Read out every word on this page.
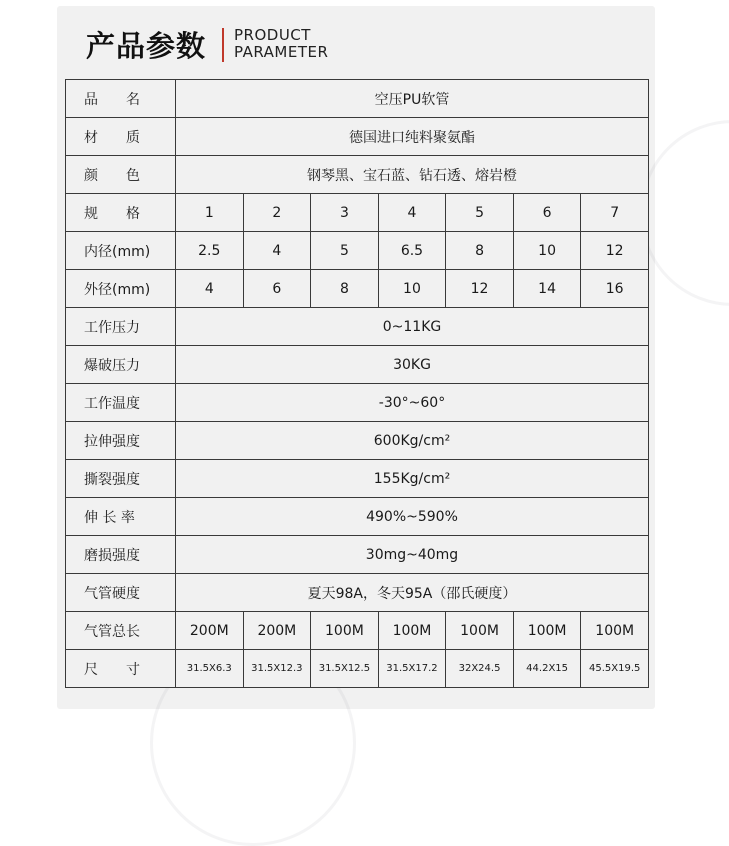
产品参数 PRODUCT
PARAMETER
品　　名	空压PU软管						
材　　质	德国进口纯料聚氨酯						
颜　　色	钢琴黑、宝石蓝、钻石透、熔岩橙						
规　　格	1	2	3	4	5	6	7
内径(mm)	2.5	4	5	6.5	8	10	12
外径(mm)	4	6	8	10	12	14	16
工作压力	0~11KG						
爆破压力	30KG						
工作温度	-30°~60°						
拉伸强度	600Kg/cm²						
撕裂强度	155Kg/cm²						
伸 长 率	490%~590%						
磨损强度	30mg~40mg						
气管硬度	夏天98A，冬天95A（邵氏硬度）						
气管总长	200M	200M	100M	100M	100M	100M	100M
尺　　寸	31.5X6.3	31.5X12.3	31.5X12.5	31.5X17.2	32X24.5	44.2X15	45.5X19.5
